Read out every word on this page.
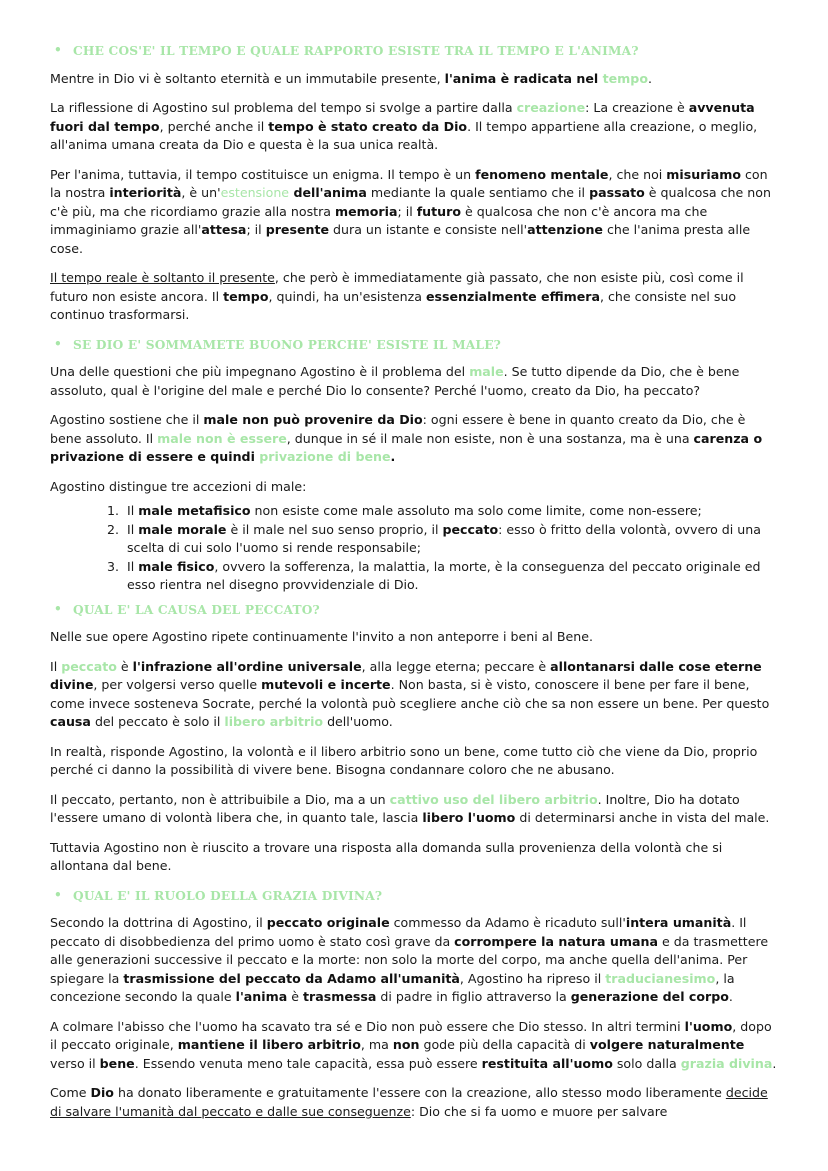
• CHE COS'E' IL TEMPO E QUALE RAPPORTO ESISTE TRA IL TEMPO E L'ANIMA?

Mentre in Dio vi è soltanto eternità e un immutabile presente, l'anima è radicata nel tempo.

La riflessione di Agostino sul problema del tempo si svolge a partire dalla creazione: La creazione è avvenuta fuori dal tempo, perché anche il tempo è stato creato da Dio. Il tempo appartiene alla creazione, o meglio, all'anima umana creata da Dio e questa è la sua unica realtà.

Per l'anima, tuttavia, il tempo costituisce un enigma. Il tempo è un fenomeno mentale, che noi misuriamo con la nostra interiorità, è un'estensione dell'anima mediante la quale sentiamo che il passato è qualcosa che non c'è più, ma che ricordiamo grazie alla nostra memoria; il futuro è qualcosa che non c'è ancora ma che immaginiamo grazie all'attesa; il presente dura un istante e consiste nell'attenzione che l'anima presta alle cose.

Il tempo reale è soltanto il presente, che però è immediatamente già passato, che non esiste più, così come il futuro non esiste ancora. Il tempo, quindi, ha un'esistenza essenzialmente effimera, che consiste nel suo continuo trasformarsi.

• SE DIO E' SOMMAMETE BUONO PERCHE' ESISTE IL MALE?

Una delle questioni che più impegnano Agostino è il problema del male. Se tutto dipende da Dio, che è bene assoluto, qual è l'origine del male e perché Dio lo consente? Perché l'uomo, creato da Dio, ha peccato?

Agostino sostiene che il male non può provenire da Dio: ogni essere è bene in quanto creato da Dio, che è bene assoluto. Il male non è essere, dunque in sé il male non esiste, non è una sostanza, ma è una carenza o privazione di essere e quindi privazione di bene.

Agostino distingue tre accezioni di male:

1. Il male metafisico non esiste come male assoluto ma solo come limite, come non-essere;
2. Il male morale è il male nel suo senso proprio, il peccato: esso ò fritto della volontà, ovvero di una scelta di cui solo l'uomo si rende responsabile;
3. Il male fisico, ovvero la sofferenza, la malattia, la morte, è la conseguenza del peccato originale ed esso rientra nel disegno provvidenziale di Dio.
• QUAL E' LA CAUSA DEL PECCATO?

Nelle sue opere Agostino ripete continuamente l'invito a non anteporre i beni al Bene.

Il peccato è l'infrazione all'ordine universale, alla legge eterna; peccare è allontanarsi dalle cose eterne divine, per volgersi verso quelle mutevoli e incerte. Non basta, si è visto, conoscere il bene per fare il bene, come invece sosteneva Socrate, perché la volontà può scegliere anche ciò che sa non essere un bene. Per questo causa del peccato è solo il libero arbitrio dell'uomo.

In realtà, risponde Agostino, la volontà e il libero arbitrio sono un bene, come tutto ciò che viene da Dio, proprio perché ci danno la possibilità di vivere bene. Bisogna condannare coloro che ne abusano.

Il peccato, pertanto, non è attribuibile a Dio, ma a un cattivo uso del libero arbitrio. Inoltre, Dio ha dotato l'essere umano di volontà libera che, in quanto tale, lascia libero l'uomo di determinarsi anche in vista del male.

Tuttavia Agostino non è riuscito a trovare una risposta alla domanda sulla provenienza della volontà che si allontana dal bene.

• QUAL E' IL RUOLO DELLA GRAZIA DIVINA?

Secondo la dottrina di Agostino, il peccato originale commesso da Adamo è ricaduto sull'intera umanità. Il peccato di disobbedienza del primo uomo è stato così grave da corrompere la natura umana e da trasmettere alle generazioni successive il peccato e la morte: non solo la morte del corpo, ma anche quella dell'anima. Per spiegare la trasmissione del peccato da Adamo all'umanità, Agostino ha ripreso il traducianesimo, la concezione secondo la quale l'anima è trasmessa di padre in figlio attraverso la generazione del corpo.

A colmare l'abisso che l'uomo ha scavato tra sé e Dio non può essere che Dio stesso. In altri termini l'uomo, dopo il peccato originale, mantiene il libero arbitrio, ma non gode più della capacità di volgere naturalmente verso il bene. Essendo venuta meno tale capacità, essa può essere restituita all'uomo solo dalla grazia divina.

Come Dio ha donato liberamente e gratuitamente l'essere con la creazione, allo stesso modo liberamente decide di salvare l'umanità dal peccato e dalle sue conseguenze: Dio che si fa uomo e muore per salvare
